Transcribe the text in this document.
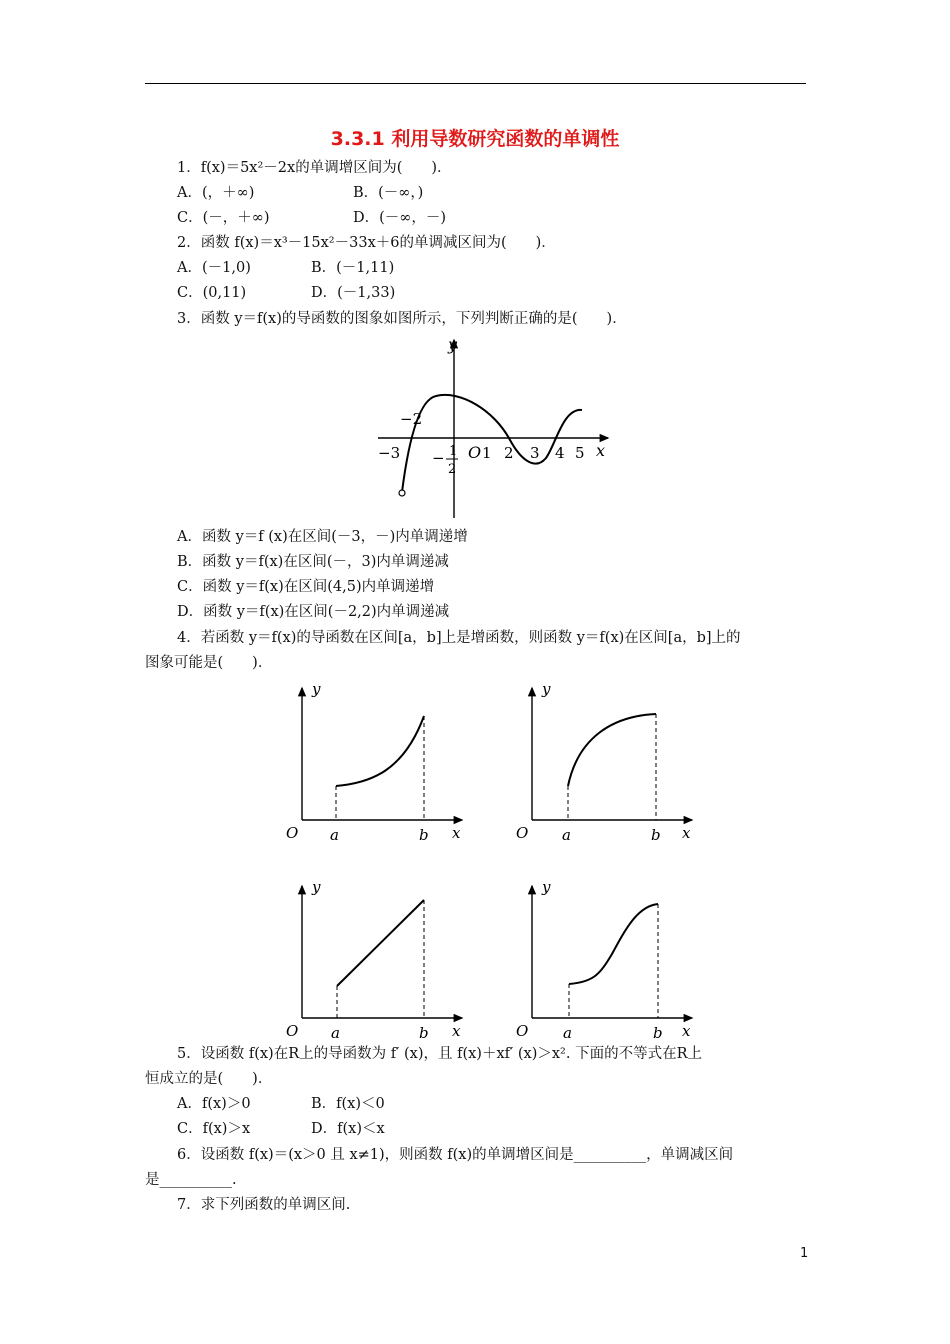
3.3.1 利用导数研究函数的单调性
1．f(x)＝5x²－2x的单调增区间为(　　)．
A．(，＋∞)	B．(－∞，)
C．(－，＋∞)	D．(－∞，－)
2．函数 f(x)＝x³－15x²－33x＋6的单调减区间为(　　)．
A．(－1,0)	B．(－1,11)
C．(0,11)	D．(－1,33)
3．函数 y＝f(x)的导函数的图象如图所示，下列判断正确的是(　　)．
y
x
−2
−3 − 1
2
O 1 2 3 4 5
A．函数 y＝f (x)在区间(－3，－)内单调递增
B．函数 y＝f(x)在区间(－，3)内单调递减
C．函数 y＝f(x)在区间(4,5)内单调递增
D．函数 y＝f(x)在区间(－2,2)内单调递减
4．若函数 y＝f(x)的导函数在区间[a，b]上是增函数，则函数 y＝f(x)在区间[a，b]上的
图象可能是(　　)．
y
O a	b x
y
O a	b x
y
O a	b x
y
O a	b x
5．设函数 f(x)在R上的导函数为 f′ (x)，且 f(x)＋xf′ (x)＞x². 下面的不等式在R上
恒成立的是(　　)．
A．f(x)＞0	B．f(x)＜0
C．f(x)＞x	D．f(x)＜x
6．设函数 f(x)＝(x＞0 且 x≠1)，则函数 f(x)的单调增区间是__________，单调减区间
是__________.
7．求下列函数的单调区间.
1
